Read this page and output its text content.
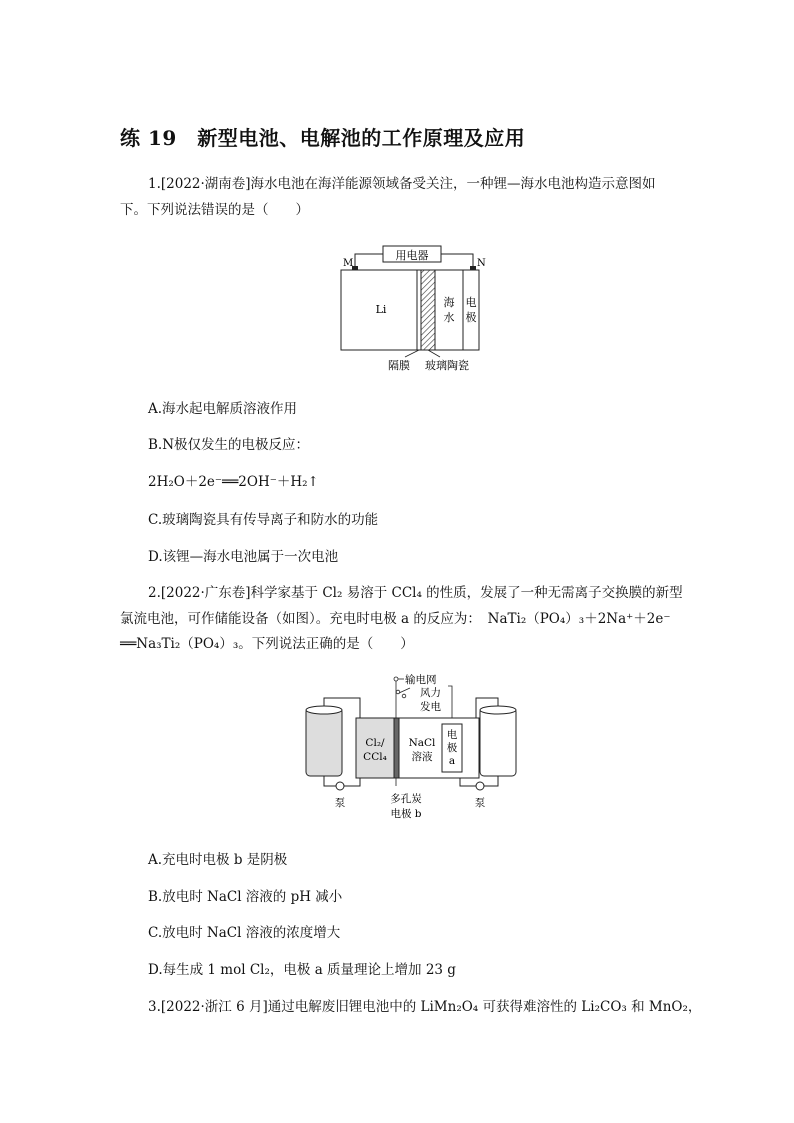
练 19　新型电池、电解池的工作原理及应用
1.[2022·湖南卷]海水电池在海洋能源领域备受关注，一种锂—海水电池构造示意图如
下。下列说法错误的是（　　）
用电器
M	N
Li
海
水
电
极
隔膜 玻璃陶瓷
A.海水起电解质溶液作用
B.N极仅发生的电极反应：
2H₂O＋2e⁻══2OH⁻＋H₂↑
C.玻璃陶瓷具有传导离子和防水的功能
D.该锂—海水电池属于一次电池
2.[2022·广东卷]科学家基于 Cl₂ 易溶于 CCl₄ 的性质，发展了一种无需离子交换膜的新型
氯流电池，可作储能设备（如图）。充电时电极 a 的反应为：　NaTi₂（PO₄）₃＋2Na⁺＋2e⁻
══Na₃Ti₂（PO₄）₃。下列说法正确的是（　　）
输电网
风力
发电
泵	泵
Cl₂/
CCl₄
NaCl
溶液
电
极
a
多孔炭
电极 b
A.充电时电极 b 是阴极
B.放电时 NaCl 溶液的 pH 减小
C.放电时 NaCl 溶液的浓度增大
D.每生成 1 mol Cl₂，电极 a 质量理论上增加 23 g
3.[2022·浙江 6 月]通过电解废旧锂电池中的 LiMn₂O₄ 可获得难溶性的 Li₂CO₃ 和 MnO₂，
